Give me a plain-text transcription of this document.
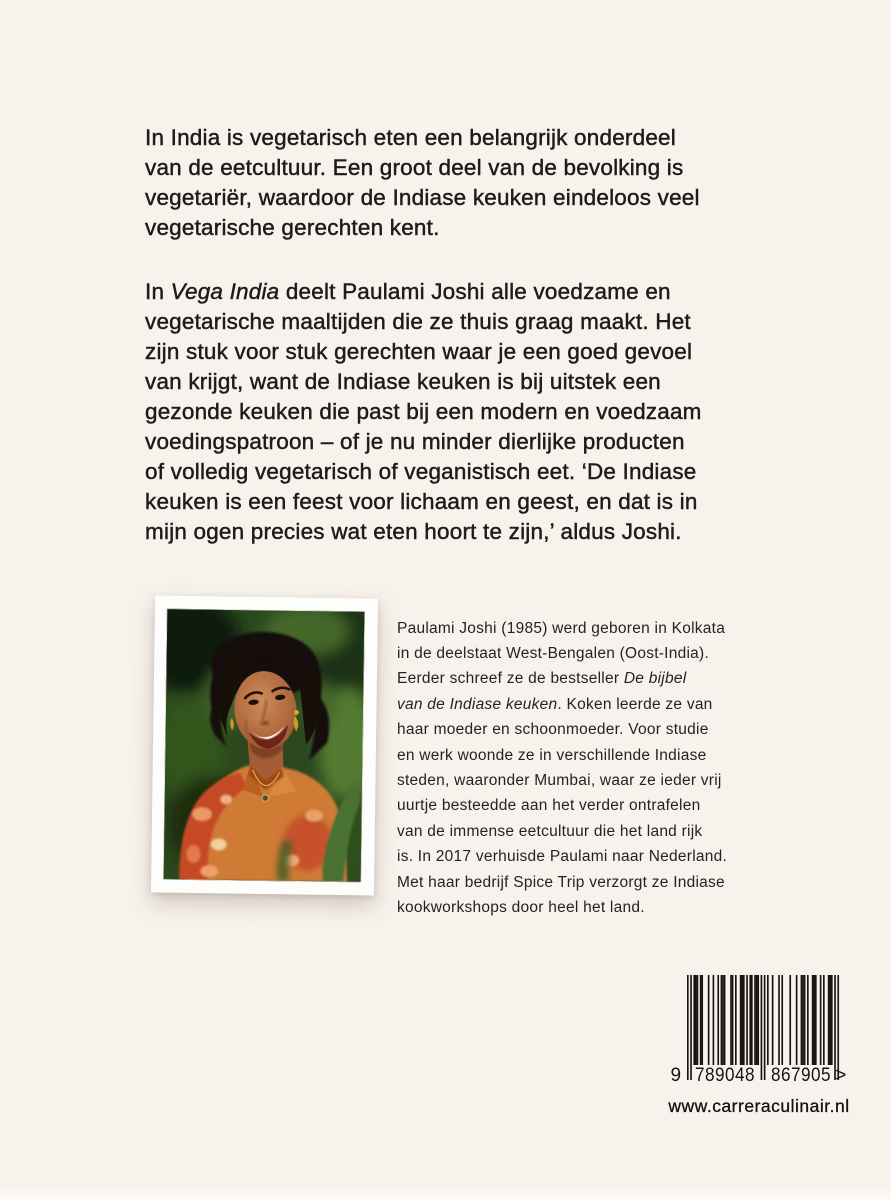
In India is vegetarisch eten een belangrijk onderdeel
van de eetcultuur. Een groot deel van de bevolking is
vegetariër, waardoor de Indiase keuken eindeloos veel
vegetarische gerechten kent.

In Vega India deelt Paulami Joshi alle voedzame en
vegetarische maaltijden die ze thuis graag maakt. Het
zijn stuk voor stuk gerechten waar je een goed gevoel
van krijgt, want de Indiase keuken is bij uitstek een
gezonde keuken die past bij een modern en voedzaam
voedingspatroon – of je nu minder dierlijke producten
of volledig vegetarisch of veganistisch eet. ‘De Indiase
keuken is een feest voor lichaam en geest, en dat is in
mijn ogen precies wat eten hoort te zijn,’ aldus Joshi.

Paulami Joshi (1985) werd geboren in Kolkata
in de deelstaat West-Bengalen (Oost-India).
Eerder schreef ze de bestseller De bijbel
van de Indiase keuken. Koken leerde ze van
haar moeder en schoonmoeder. Voor studie
en werk woonde ze in verschillende Indiase
steden, waaronder Mumbai, waar ze ieder vrij
uurtje besteedde aan het verder ontrafelen
van de immense eetcultuur die het land rijk
is. In 2017 verhuisde Paulami naar Nederland.
Met haar bedrijf Spice Trip verzorgt ze Indiase
kookworkshops door heel het land.

9 789048 867905 >
www.carreraculinair.nl
